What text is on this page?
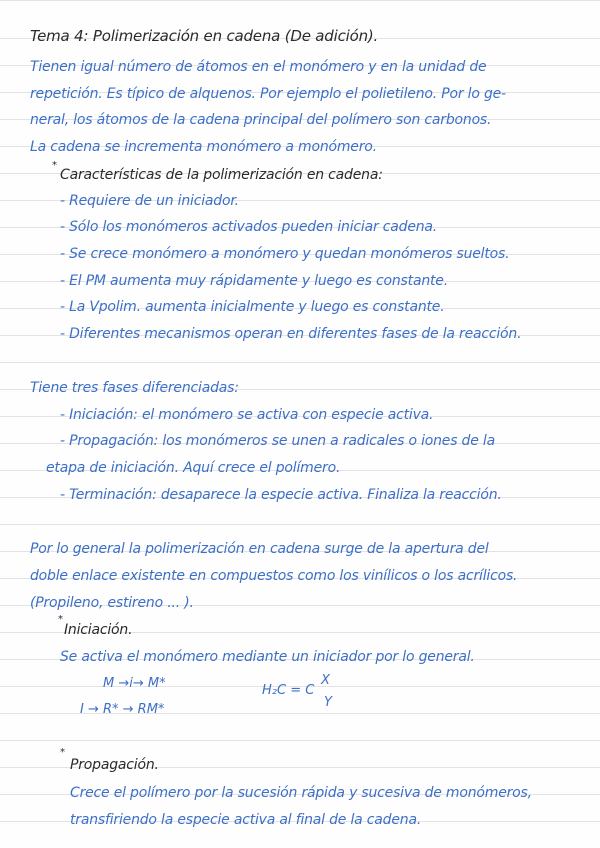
Tema 4: Polimerización en cadena (De adición).
Tienen igual número de átomos en el monómero y en la unidad de
repetición. Es típico de alquenos. Por ejemplo el polietileno. Por lo ge-
neral, los átomos de la cadena principal del polímero son carbonos.
La cadena se incrementa monómero a monómero.
*
Características de la polimerización en cadena:
- Requiere de un iniciador.
- Sólo los monómeros activados pueden iniciar cadena.
- Se crece monómero a monómero y quedan monómeros sueltos.
- El PM aumenta muy rápidamente y luego es constante.
- La Vpolim. aumenta inicialmente y luego es constante.
- Diferentes mecanismos operan en diferentes fases de la reacción.
Tiene tres fases diferenciadas:
- Iniciación: el monómero se activa con especie activa.
- Propagación: los monómeros se unen a radicales o iones de la
etapa de iniciación. Aquí crece el polímero.
- Terminación: desaparece la especie activa. Finaliza la reacción.
Por lo general la polimerización en cadena surge de la apertura del
doble enlace existente en compuestos como los vinílicos o los acrílicos.
(Propileno, estireno ... ).
*
Iniciación.
Se activa el monómero mediante un iniciador por lo general.
M →i→ M*
I → R* → RM*
H₂C = C
X
Y
*
Propagación.
Crece el polímero por la sucesión rápida y sucesiva de monómeros,
transfiriendo la especie activa al final de la cadena.
